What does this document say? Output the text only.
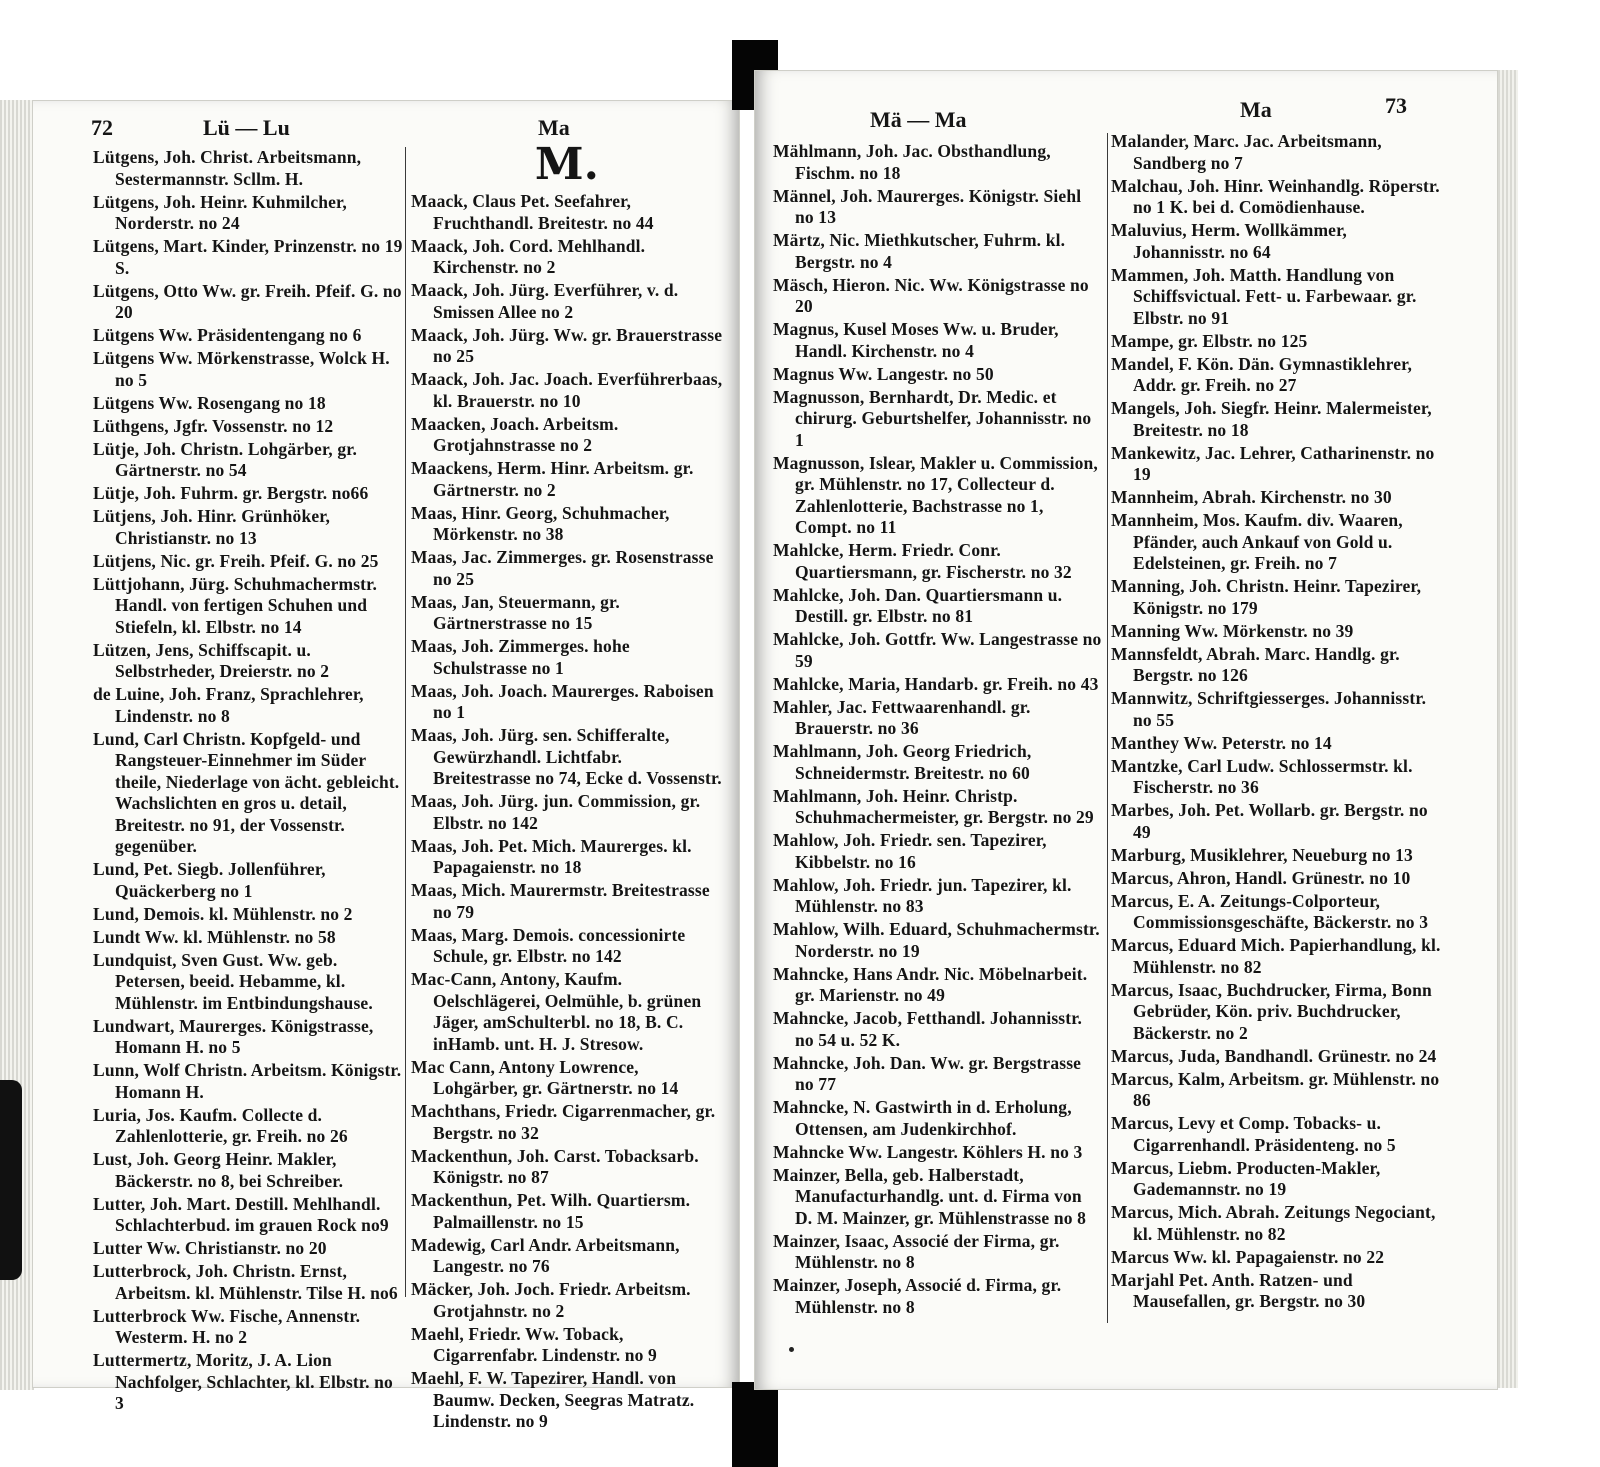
72	Lü — Lu	Ma
Lütgens, Joh. Christ. Arbeitsmann, Sestermannstr. Scllm. H.
Lütgens, Joh. Heinr. Kuhmilcher, Norderstr. no 24
Lütgens, Mart. Kinder, Prinzenstr. no 19 S.
Lütgens, Otto Ww. gr. Freih. Pfeif. G. no 20
Lütgens Ww. Präsidentengang no 6
Lütgens Ww. Mörkenstrasse, Wolck H. no 5
Lütgens Ww. Rosengang no 18
Lüthgens, Jgfr. Vossenstr. no 12
Lütje, Joh. Christn. Lohgärber, gr. Gärtnerstr. no 54
Lütje, Joh. Fuhrm. gr. Bergstr. no66
Lütjens, Joh. Hinr. Grünhöker, Christianstr. no 13
Lütjens, Nic. gr. Freih. Pfeif. G. no 25
Lüttjohann, Jürg. Schuhmachermstr. Handl. von fertigen Schuhen und Stiefeln, kl. Elbstr. no 14
Lützen, Jens, Schiffscapit. u. Selbstrheder, Dreierstr. no 2
de Luine, Joh. Franz, Sprachlehrer, Lindenstr. no 8
Lund, Carl Christn. Kopfgeld- und Rangsteuer-Einnehmer im Süder theile, Niederlage von ächt. gebleicht. Wachslichten en gros u. detail, Breitestr. no 91, der Vossenstr. gegenüber.
Lund, Pet. Siegb. Jollenführer, Quäckerberg no 1
Lund, Demois. kl. Mühlenstr. no 2
Lundt Ww. kl. Mühlenstr. no 58
Lundquist, Sven Gust. Ww. geb. Petersen, beeid. Hebamme, kl. Mühlenstr. im Entbindungshause.
Lundwart, Maurerges. Königstrasse, Homann H. no 5
Lunn, Wolf Christn. Arbeitsm. Königstr. Homann H.
Luria, Jos. Kaufm. Collecte d. Zahlenlotterie, gr. Freih. no 26
Lust, Joh. Georg Heinr. Makler, Bäckerstr. no 8, bei Schreiber.
Lutter, Joh. Mart. Destill. Mehlhandl. Schlachterbud. im grauen Rock no9
Lutter Ww. Christianstr. no 20
Lutterbrock, Joh. Christn. Ernst, Arbeitsm. kl. Mühlenstr. Tilse H. no6
Lutterbrock Ww. Fische, Annenstr. Westerm. H. no 2
Luttermertz, Moritz, J. A. Lion Nachfolger, Schlachter, kl. Elbstr. no 3
M.
Maack, Claus Pet. Seefahrer, Fruchthandl. Breitestr. no 44
Maack, Joh. Cord. Mehlhandl. Kirchenstr. no 2
Maack, Joh. Jürg. Everführer, v. d. Smissen Allee no 2
Maack, Joh. Jürg. Ww. gr. Brauerstrasse no 25
Maack, Joh. Jac. Joach. Everführerbaas, kl. Brauerstr. no 10
Maacken, Joach. Arbeitsm. Grotjahnstrasse no 2
Maackens, Herm. Hinr. Arbeitsm. gr. Gärtnerstr. no 2
Maas, Hinr. Georg, Schuhmacher, Mörkenstr. no 38
Maas, Jac. Zimmerges. gr. Rosenstrasse no 25
Maas, Jan, Steuermann, gr. Gärtnerstrasse no 15
Maas, Joh. Zimmerges. hohe Schulstrasse no 1
Maas, Joh. Joach. Maurerges. Raboisen no 1
Maas, Joh. Jürg. sen. Schifferalte, Gewürzhandl. Lichtfabr. Breitestrasse no 74, Ecke d. Vossenstr.
Maas, Joh. Jürg. jun. Commission, gr. Elbstr. no 142
Maas, Joh. Pet. Mich. Maurerges. kl. Papagaienstr. no 18
Maas, Mich. Maurermstr. Breitestrasse no 79
Maas, Marg. Demois. concessionirte Schule, gr. Elbstr. no 142
Mac-Cann, Antony, Kaufm. Oelschlägerei, Oelmühle, b. grünen Jäger, amSchulterbl. no 18, B. C. inHamb. unt. H. J. Stresow.
Mac Cann, Antony Lowrence, Lohgärber, gr. Gärtnerstr. no 14
Machthans, Friedr. Cigarrenmacher, gr. Bergstr. no 32
Mackenthun, Joh. Carst. Tobacksarb. Königstr. no 87
Mackenthun, Pet. Wilh. Quartiersm. Palmaillenstr. no 15
Madewig, Carl Andr. Arbeitsmann, Langestr. no 76
Mäcker, Joh. Joch. Friedr. Arbeitsm. Grotjahnstr. no 2
Maehl, Friedr. Ww. Toback, Cigarrenfabr. Lindenstr. no 9
Maehl, F. W. Tapezirer, Handl. von Baumw. Decken, Seegras Matratz. Lindenstr. no 9
Mä — Ma	Ma	73
Mählmann, Joh. Jac. Obsthandlung, Fischm. no 18
Männel, Joh. Maurerges. Königstr. Siehl no 13
Märtz, Nic. Miethkutscher, Fuhrm. kl. Bergstr. no 4
Mäsch, Hieron. Nic. Ww. Königstrasse no 20
Magnus, Kusel Moses Ww. u. Bruder, Handl. Kirchenstr. no 4
Magnus Ww. Langestr. no 50
Magnusson, Bernhardt, Dr. Medic. et chirurg. Geburtshelfer, Johannisstr. no 1
Magnusson, Islear, Makler u. Commission, gr. Mühlenstr. no 17, Collecteur d. Zahlenlotterie, Bachstrasse no 1, Compt. no 11
Mahlcke, Herm. Friedr. Conr. Quartiersmann, gr. Fischerstr. no 32
Mahlcke, Joh. Dan. Quartiersmann u. Destill. gr. Elbstr. no 81
Mahlcke, Joh. Gottfr. Ww. Langestrasse no 59
Mahlcke, Maria, Handarb. gr. Freih. no 43
Mahler, Jac. Fettwaarenhandl. gr. Brauerstr. no 36
Mahlmann, Joh. Georg Friedrich, Schneidermstr. Breitestr. no 60
Mahlmann, Joh. Heinr. Christp. Schuhmachermeister, gr. Bergstr. no 29
Mahlow, Joh. Friedr. sen. Tapezirer, Kibbelstr. no 16
Mahlow, Joh. Friedr. jun. Tapezirer, kl. Mühlenstr. no 83
Mahlow, Wilh. Eduard, Schuhmachermstr. Norderstr. no 19
Mahncke, Hans Andr. Nic. Möbelnarbeit. gr. Marienstr. no 49
Mahncke, Jacob, Fetthandl. Johannisstr. no 54 u. 52 K.
Mahncke, Joh. Dan. Ww. gr. Bergstrasse no 77
Mahncke, N. Gastwirth in d. Erholung, Ottensen, am Judenkirchhof.
Mahncke Ww. Langestr. Köhlers H. no 3
Mainzer, Bella, geb. Halberstadt, Manufacturhandlg. unt. d. Firma von D. M. Mainzer, gr. Mühlenstrasse no 8
Mainzer, Isaac, Associé der Firma, gr. Mühlenstr. no 8
Mainzer, Joseph, Associé d. Firma, gr. Mühlenstr. no 8
Malander, Marc. Jac. Arbeitsmann, Sandberg no 7
Malchau, Joh. Hinr. Weinhandlg. Röperstr. no 1 K. bei d. Comödienhause.
Maluvius, Herm. Wollkämmer, Johannisstr. no 64
Mammen, Joh. Matth. Handlung von Schiffsvictual. Fett- u. Farbewaar. gr. Elbstr. no 91
Mampe, gr. Elbstr. no 125
Mandel, F. Kön. Dän. Gymnastiklehrer, Addr. gr. Freih. no 27
Mangels, Joh. Siegfr. Heinr. Malermeister, Breitestr. no 18
Mankewitz, Jac. Lehrer, Catharinenstr. no 19
Mannheim, Abrah. Kirchenstr. no 30
Mannheim, Mos. Kaufm. div. Waaren, Pfänder, auch Ankauf von Gold u. Edelsteinen, gr. Freih. no 7
Manning, Joh. Christn. Heinr. Tapezirer, Königstr. no 179
Manning Ww. Mörkenstr. no 39
Mannsfeldt, Abrah. Marc. Handlg. gr. Bergstr. no 126
Mannwitz, Schriftgiesserges. Johannisstr. no 55
Manthey Ww. Peterstr. no 14
Mantzke, Carl Ludw. Schlossermstr. kl. Fischerstr. no 36
Marbes, Joh. Pet. Wollarb. gr. Bergstr. no 49
Marburg, Musiklehrer, Neueburg no 13
Marcus, Ahron, Handl. Grünestr. no 10
Marcus, E. A. Zeitungs-Colporteur, Commissionsgeschäfte, Bäckerstr. no 3
Marcus, Eduard Mich. Papierhandlung, kl. Mühlenstr. no 82
Marcus, Isaac, Buchdrucker, Firma, Bonn Gebrüder, Kön. priv. Buchdrucker, Bäckerstr. no 2
Marcus, Juda, Bandhandl. Grünestr. no 24
Marcus, Kalm, Arbeitsm. gr. Mühlenstr. no 86
Marcus, Levy et Comp. Tobacks- u. Cigarrenhandl. Präsidenteng. no 5
Marcus, Liebm. Producten-Makler, Gademannstr. no 19
Marcus, Mich. Abrah. Zeitungs Negociant, kl. Mühlenstr. no 82
Marcus Ww. kl. Papagaienstr. no 22
Marjahl Pet. Anth. Ratzen- und Mausefallen, gr. Bergstr. no 30
